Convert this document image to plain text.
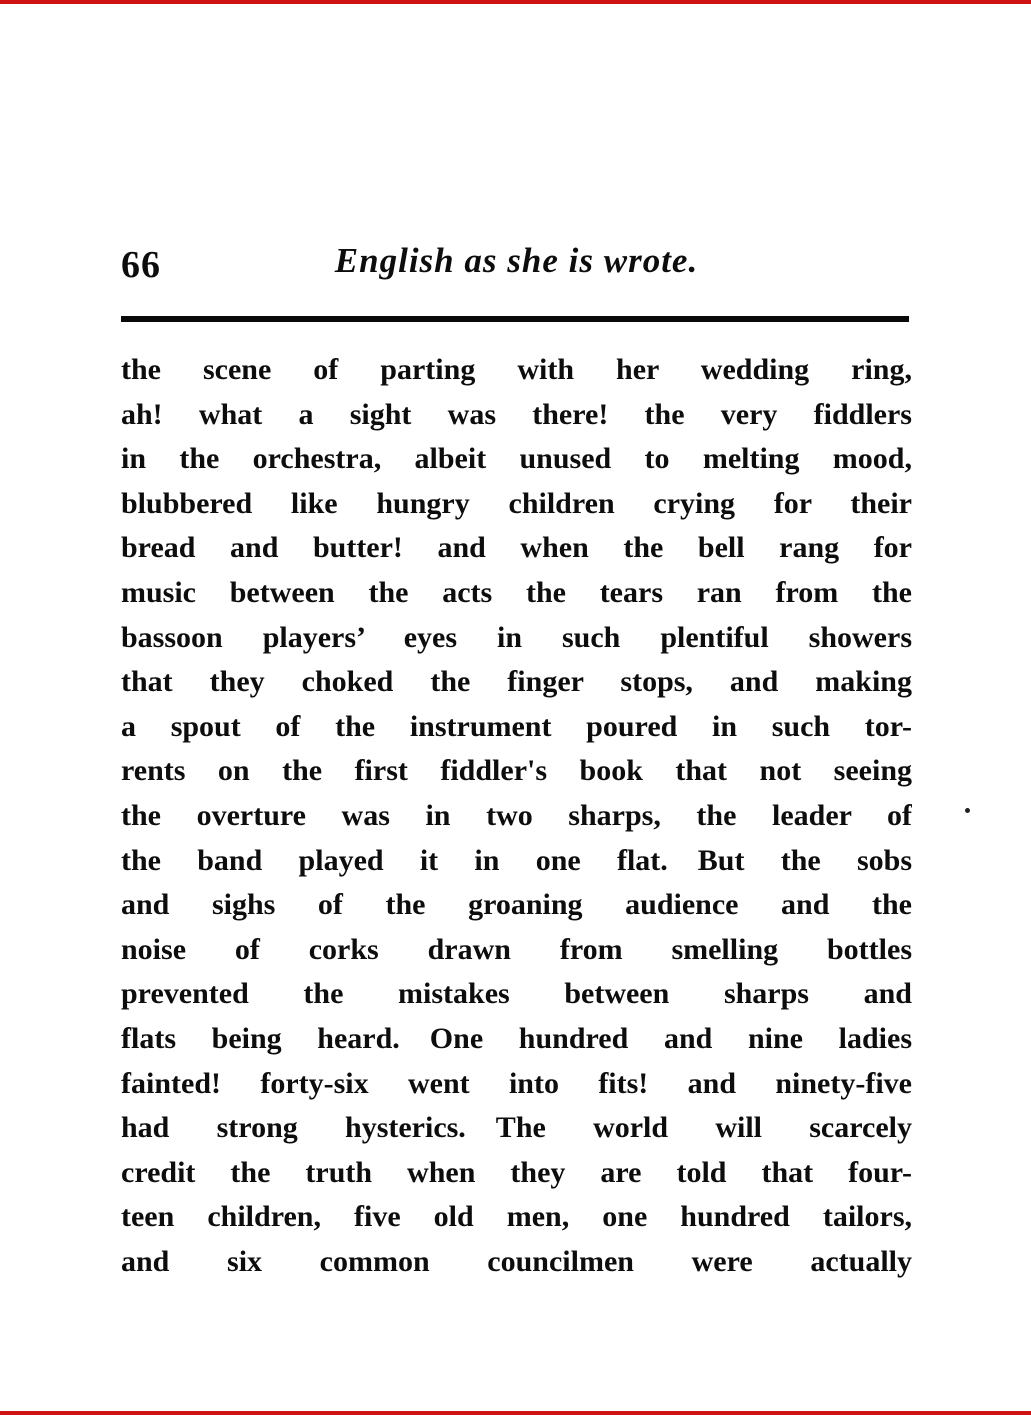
66	English as she is wrote.
the scene of parting with her wedding ring,
ah! what a sight was there! the very fiddlers
in the orchestra, albeit unused to melting mood,
blubbered like hungry children crying for their
bread and butter! and when the bell rang for
music between the acts the tears ran from the
bassoon players’ eyes in such plentiful showers
that they choked the finger stops, and making
a spout of the instrument poured in such tor-
rents on the first fiddler's book that not seeing
the overture was in two sharps, the leader of
the band played it in one flat. But the sobs
and sighs of the groaning audience and the
noise of corks drawn from smelling bottles
prevented the mistakes between sharps and
flats being heard. One hundred and nine ladies
fainted! forty-six went into fits! and ninety-five
had strong hysterics. The world will scarcely
credit the truth when they are told that four-
teen children, five old men, one hundred tailors,
and six common councilmen were actually
